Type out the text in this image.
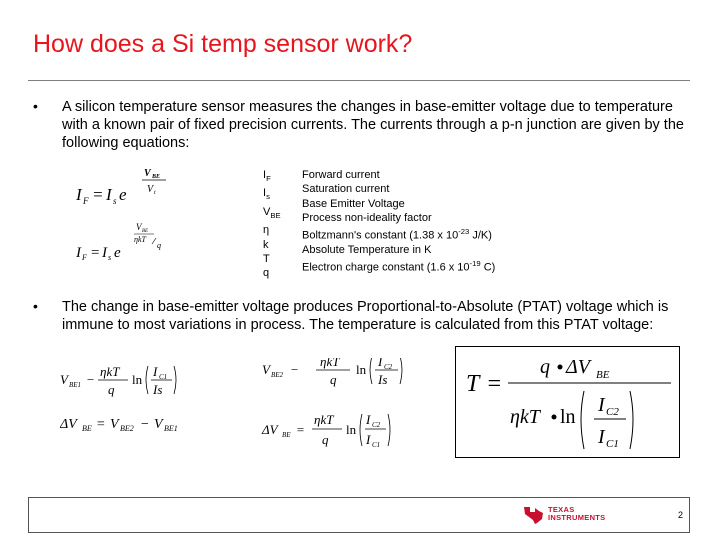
How does a Si temp sensor work?
• A silicon temperature sensor measures the changes in base-emitter voltage due to temperature with a known pair of fixed precision currents. The currents through a p-n junction are given by the following equations:
I F = I s e
V BE
V t
V BE
ηkT
q
I F = I s e
$I_F$
$I_s$
$V_{BE}$
η
k
T
q
Forward current
Saturation current
Base Emitter Voltage
Process non-ideality factor
Boltzmann's constant (1.38 x $10^{-23}$ J/K)
Absolute Temperature in K
Electron charge constant (1.6 x $10^{-19}$ C)
• The change in base-emitter voltage produces Proportional-to-Absolute (PTAT) voltage which is immune to most variations in process. The temperature is calculated from this PTAT voltage:
V BE1 −
ηkT
q
ln
I C1
Is
V BE2 −
ηkT
q
ln
I C2
Is
ΔV BE = V BE2 − V BE1	ΔV BE =
ηkT
q
ln
I C2
I C1
T =
q ΔV BE
ηkT ln
I C2
I C1
TEXAS
INSTRUMENTS	2
